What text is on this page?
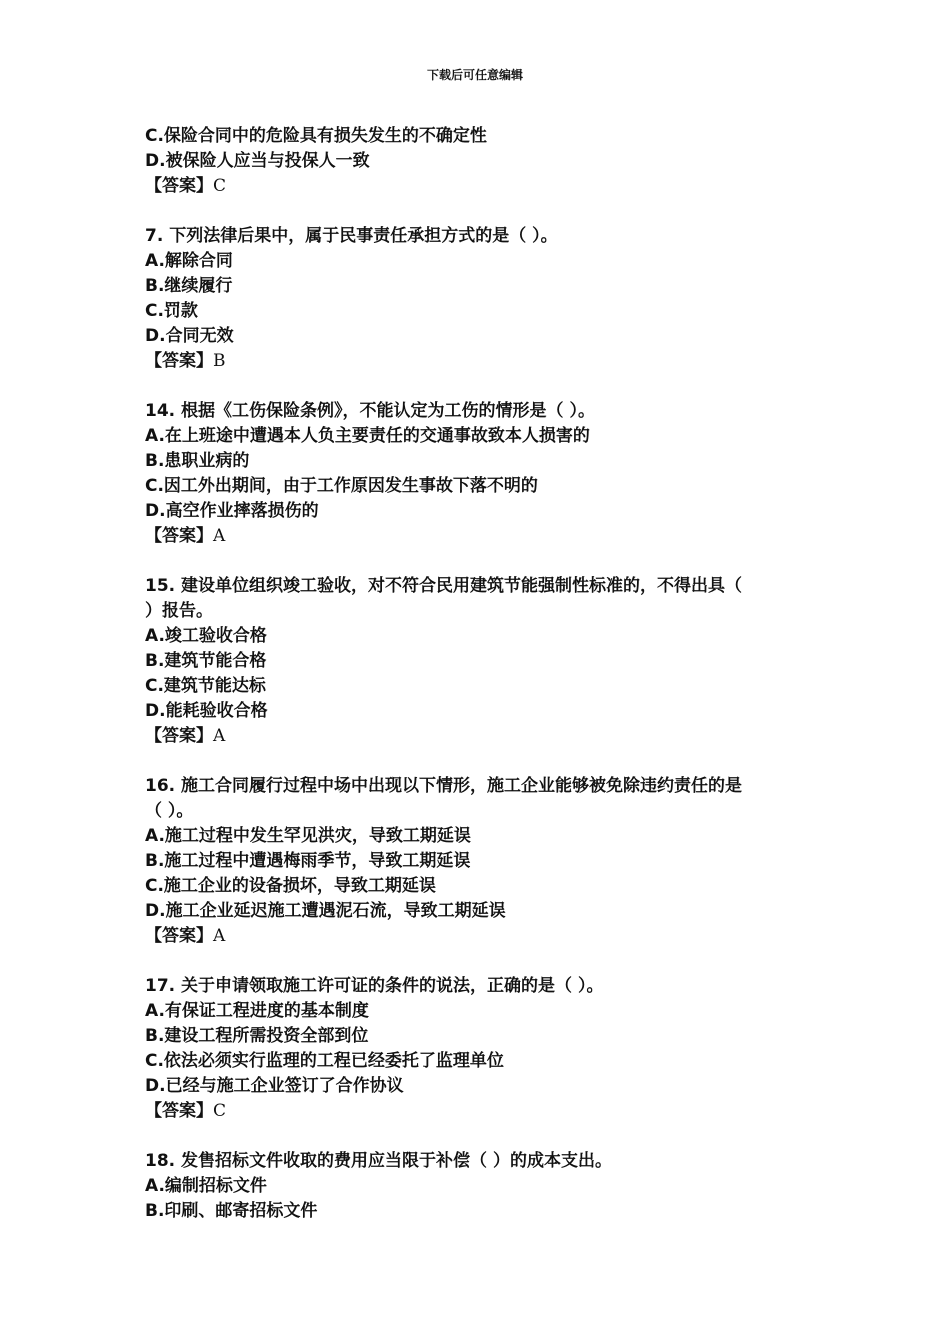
下载后可任意编辑
C.保险合同中的危险具有损失发生的不确定性
D.被保险人应当与投保人一致
【答案】C
7. 下列法律后果中，属于民事责任承担方式的是（ ）。
A.解除合同
B.继续履行
C.罚款
D.合同无效
【答案】B
14. 根据《工伤保险条例》，不能认定为工伤的情形是（ ）。
A.在上班途中遭遇本人负主要责任的交通事故致本人损害的
B.患职业病的
C.因工外出期间，由于工作原因发生事故下落不明的
D.高空作业摔落损伤的
【答案】A
15. 建设单位组织竣工验收，对不符合民用建筑节能强制性标准的，不得出具（
）报告。
A.竣工验收合格
B.建筑节能合格
C.建筑节能达标
D.能耗验收合格
【答案】A
16. 施工合同履行过程中场中出现以下情形，施工企业能够被免除违约责任的是
（ ）。
A.施工过程中发生罕见洪灾，导致工期延误
B.施工过程中遭遇梅雨季节，导致工期延误
C.施工企业的设备损坏，导致工期延误
D.施工企业延迟施工遭遇泥石流，导致工期延误
【答案】A
17. 关于申请领取施工许可证的条件的说法，正确的是（ ）。
A.有保证工程进度的基本制度
B.建设工程所需投资全部到位
C.依法必须实行监理的工程已经委托了监理单位
D.已经与施工企业签订了合作协议
【答案】C
18. 发售招标文件收取的费用应当限于补偿（ ）的成本支出。
A.编制招标文件
B.印刷、邮寄招标文件
